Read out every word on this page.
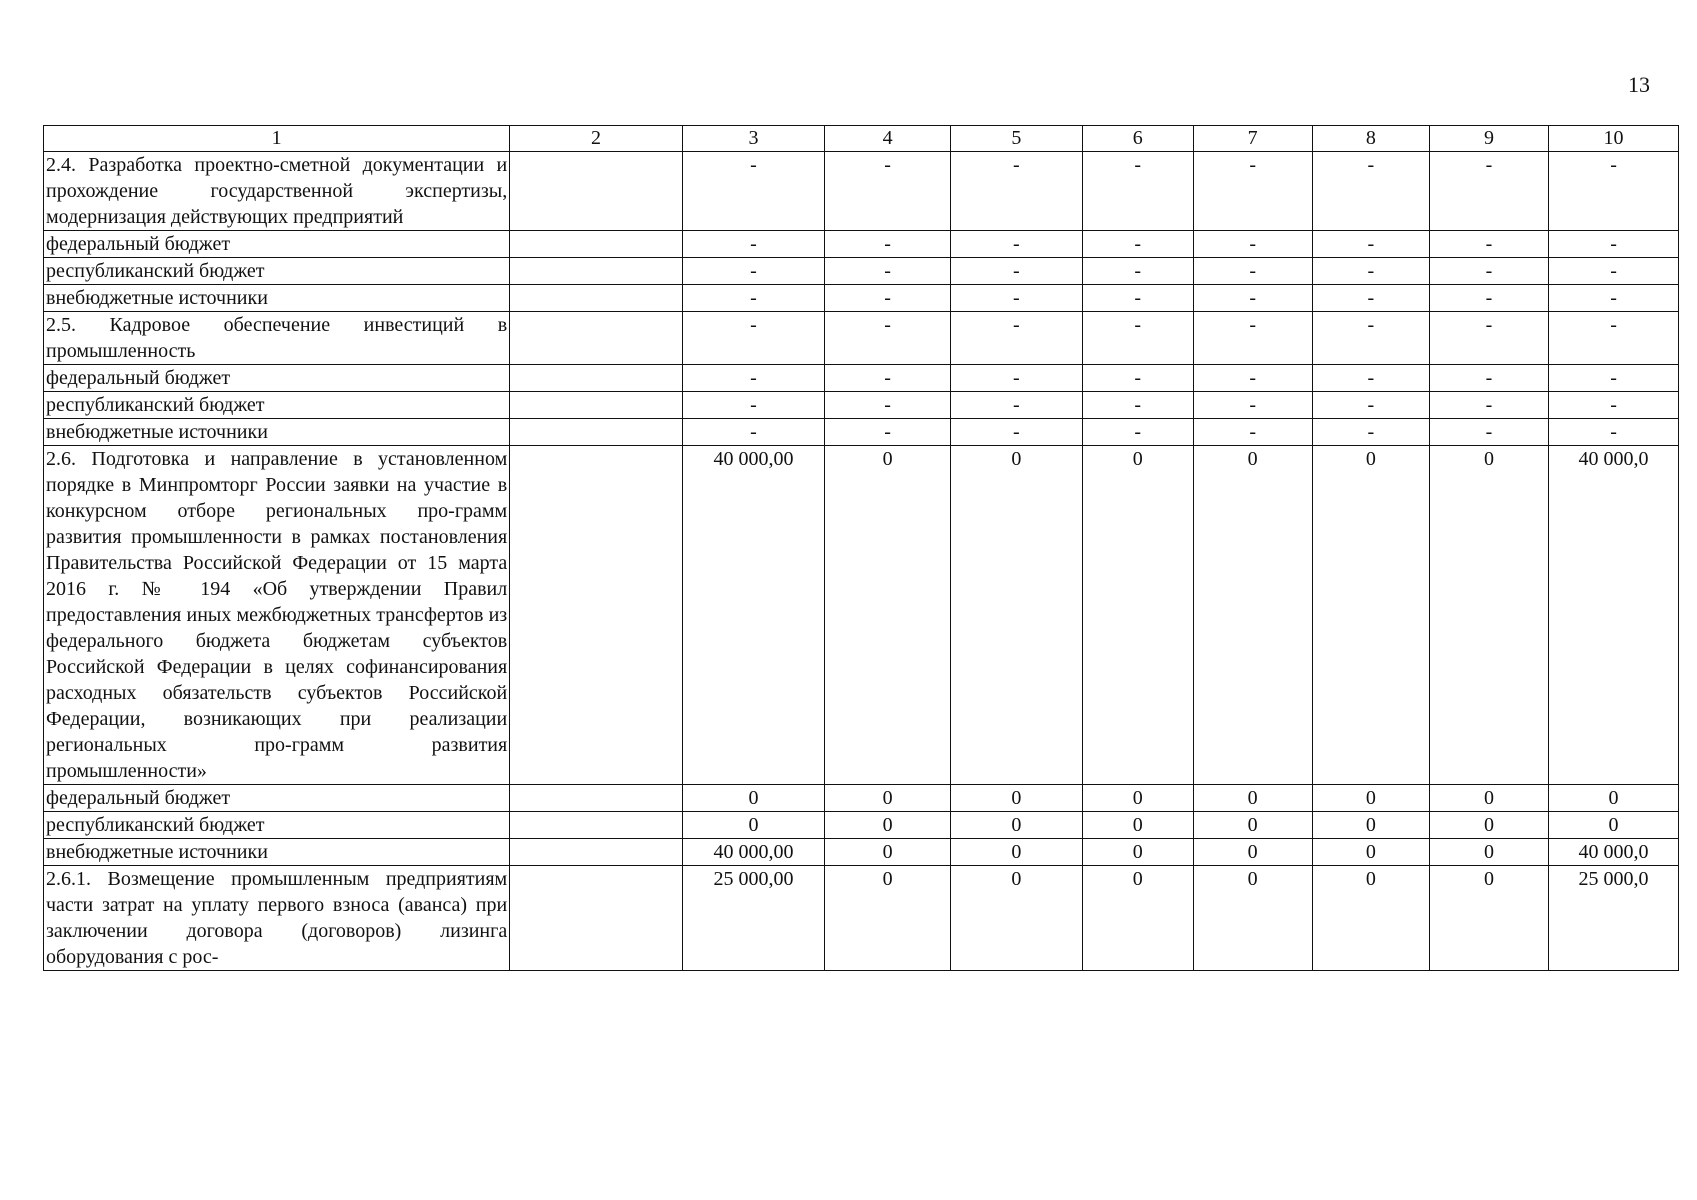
13
1	2	3	4	5	6	7	8	9	10
2.4. Разработка проектно-сметной документации и прохождение государственной экспертизы, модернизация действующих предприятий		-	-	-	-	-	-	-	-
федеральный бюджет		-	-	-	-	-	-	-	-
республиканский бюджет		-	-	-	-	-	-	-	-
внебюджетные источники		-	-	-	-	-	-	-	-
2.5. Кадровое обеспечение инвестиций в промышленность		-	-	-	-	-	-	-	-
федеральный бюджет		-	-	-	-	-	-	-	-
республиканский бюджет		-	-	-	-	-	-	-	-
внебюджетные источники		-	-	-	-	-	-	-	-
2.6. Подготовка и направление в установленном порядке в Минпромторг России заявки на участие в конкурсном отборе региональных про-грамм развития промышленности в рамках постановления Правительства Российской Федерации от 15 марта 2016 г. № 194 «Об утверждении Правил предоставления иных межбюджетных трансфертов из федерального бюджета бюджетам субъектов Российской Федерации в целях софинансирования расходных обязательств субъектов Российской Федерации, возникающих при реализации региональных про-грамм развития промышленности»		40 000,00	0	0	0	0	0	0	40 000,0
федеральный бюджет		0	0	0	0	0	0	0	0
республиканский бюджет		0	0	0	0	0	0	0	0
внебюджетные источники		40 000,00	0	0	0	0	0	0	40 000,0
2.6.1. Возмещение промышленным предприятиям части затрат на уплату первого взноса (аванса) при заключении договора (договоров) лизинга оборудования с рос-		25 000,00	0	0	0	0	0	0	25 000,0
